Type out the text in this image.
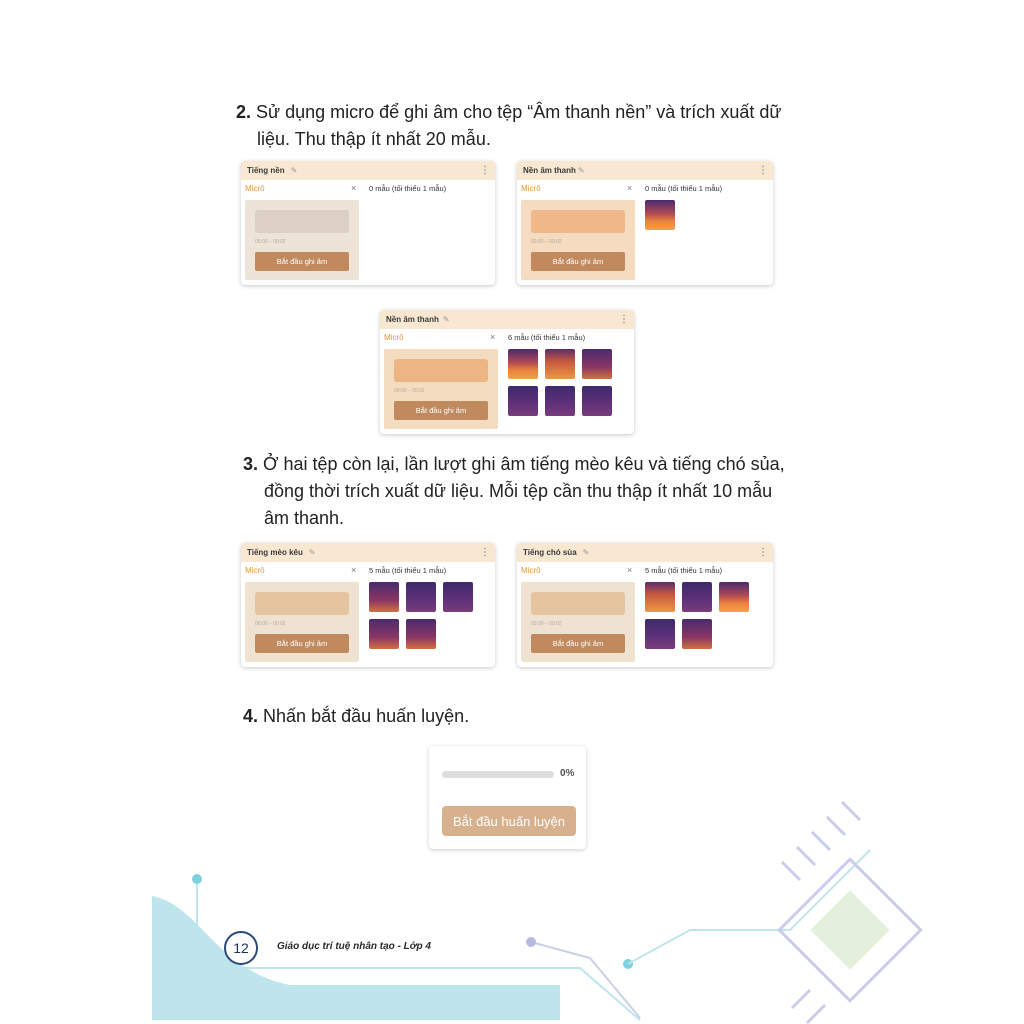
2. Sử dụng micro để ghi âm cho tệp “Âm thanh nền” và trích xuất dữ
liệu. Thu thập ít nhất 20 mẫu.
Tiếng nền ✎	⋮
Micrô	×
00:00 – 00:02
Bắt đầu ghi âm
0 mẫu (tối thiểu 1 mẫu)
Nền âm thanh ✎	⋮
Micrô	×
00:00 – 00:02
Bắt đầu ghi âm
0 mẫu (tối thiểu 1 mẫu)
Nền âm thanh ✎	⋮
Micrô	×
00:00 – 00:02
Bắt đầu ghi âm
6 mẫu (tối thiểu 1 mẫu)
3. Ở hai tệp còn lại, lần lượt ghi âm tiếng mèo kêu và tiếng chó sủa,
đồng thời trích xuất dữ liệu. Mỗi tệp cần thu thập ít nhất 10 mẫu
âm thanh.
Tiếng mèo kêu ✎	⋮
Micrô	×
00:00 – 00:02
Bắt đầu ghi âm
5 mẫu (tối thiểu 1 mẫu)
Tiếng chó sủa ✎	⋮
Micrô	×
00:00 – 00:02
Bắt đầu ghi âm
5 mẫu (tối thiểu 1 mẫu)
4. Nhấn bắt đầu huấn luyện.
0%
Bắt đầu huấn luyện
12	Giáo dục trí tuệ nhân tạo - Lớp 4
